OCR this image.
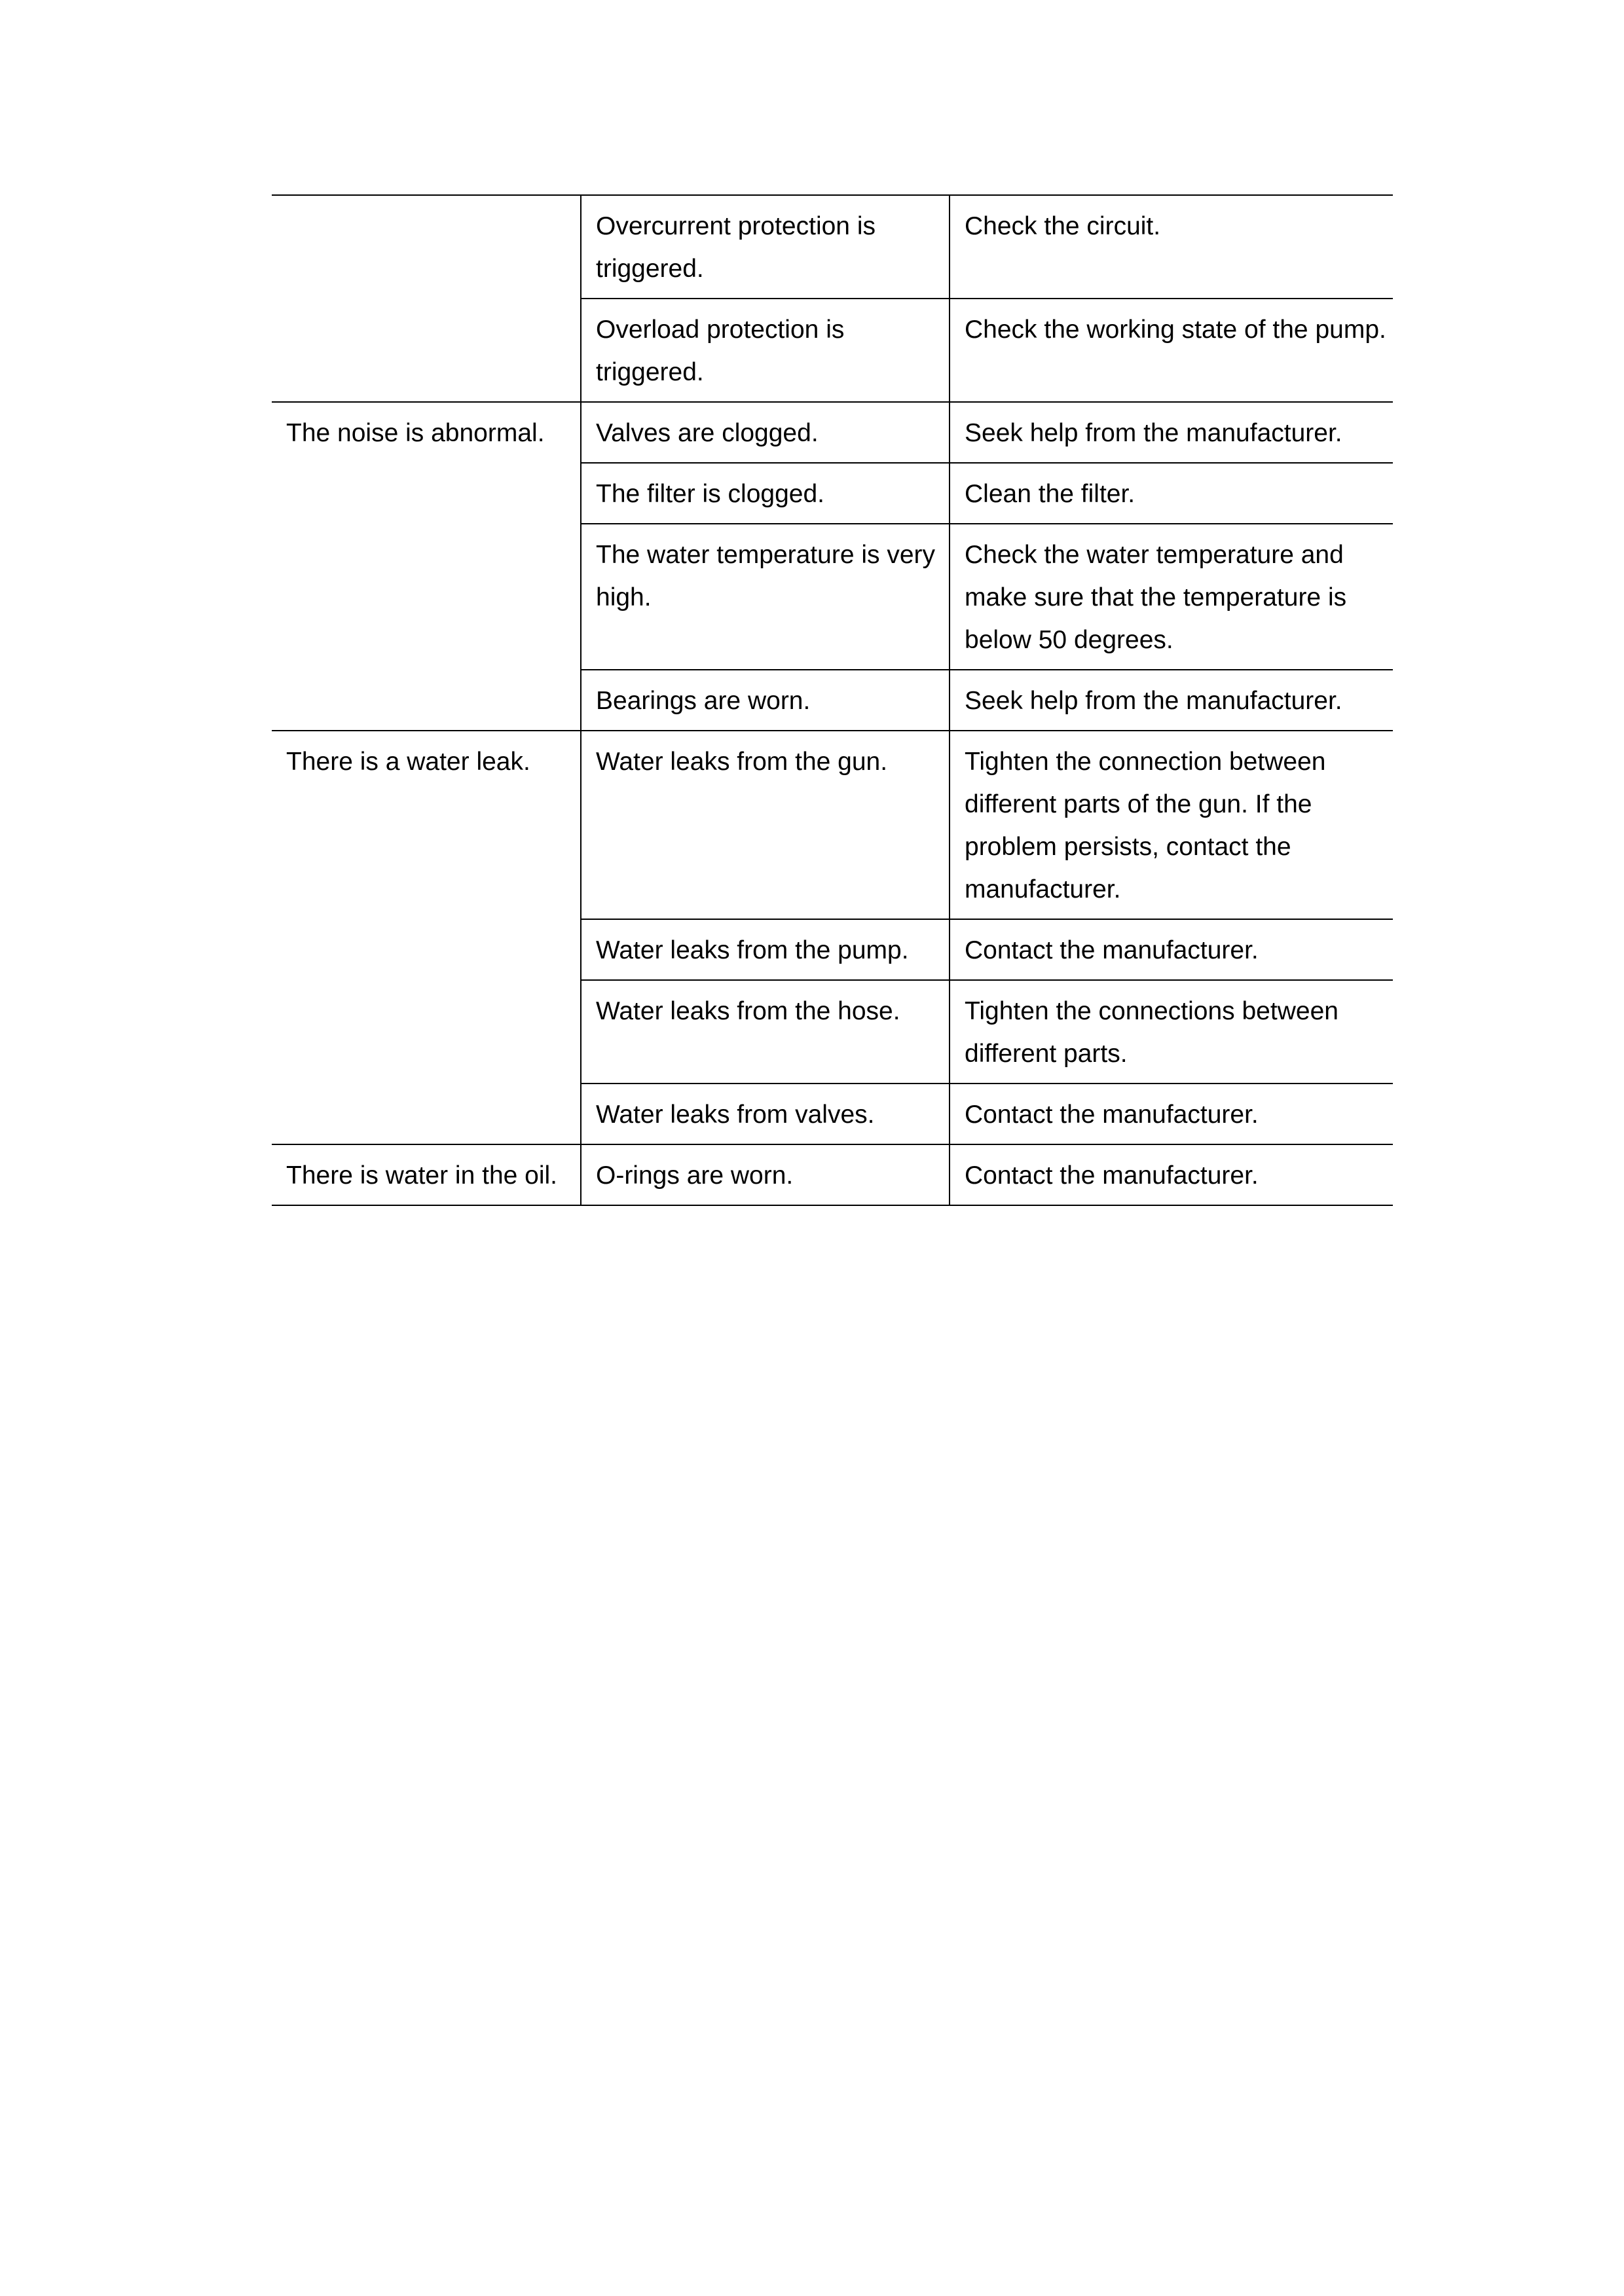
	Overcurrent protection is triggered.	Check the circuit.
	Overload protection is triggered.	Check the working state of the pump.
The noise is abnormal.	Valves are clogged.	Seek help from the manufacturer.
	The filter is clogged.	Clean the filter.
	The water temperature is very high.	Check the water temperature and make sure that the temperature is below 50 degrees.
	Bearings are worn.	Seek help from the manufacturer.
There is a water leak.	Water leaks from the gun.	Tighten the connection between different parts of the gun. If the problem persists, contact the manufacturer.
	Water leaks from the pump.	Contact the manufacturer.
	Water leaks from the hose.	Tighten the connections between different parts.
	Water leaks from valves.	Contact the manufacturer.
There is water in the oil.	O-rings are worn.	Contact the manufacturer.
